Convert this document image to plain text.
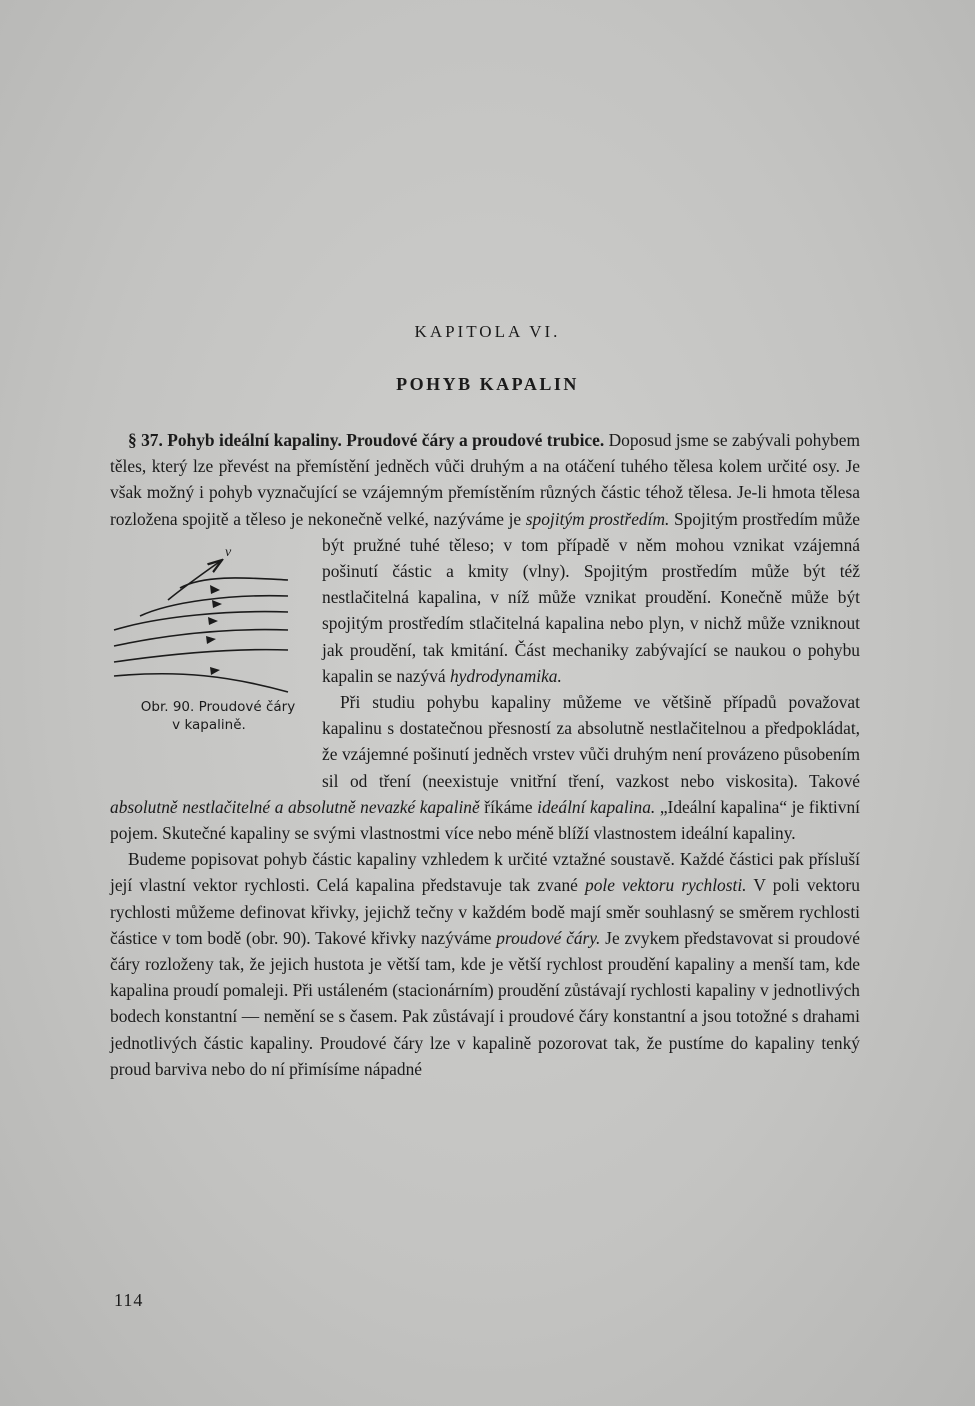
KAPITOLA VI.
POHYB KAPALIN

§ 37. Pohyb ideální kapaliny. Proudové čáry a proudové trubice. Doposud jsme se zabývali pohybem těles, který lze převést na přemístění jedněch vůči druhým a na otáčení tuhého tělesa kolem určité osy. Je však možný i pohyb vyznačující se vzájemným přemístěním různých částic téhož tělesa. Je-li hmota tělesa rozložena spojitě a těleso je nekonečně velké, nazýváme je spojitým prostředím.
v
Obr. 90. Proudové čáry
v kapalině.
Spojitým prostředím může být pružné tuhé těleso; v tom případě v něm mohou vznikat vzájemná pošinutí částic a kmity (vlny). Spojitým prostředím může být též nestlačitelná kapalina, v níž může vznikat proudění. Konečně může být spojitým prostředím stlačitelná kapalina nebo plyn, v nichž může vzniknout jak proudění, tak kmitání. Část mechaniky zabývající se naukou o pohybu kapalin se nazývá hydrodynamika.

Při studiu pohybu kapaliny můžeme ve většině případů považovat kapalinu s dostatečnou přesností za absolutně nestlačitelnou a předpokládat, že vzájemné pošinutí jedněch vrstev vůči druhým není provázeno působením sil od tření (neexistuje vnitřní tření, vazkost nebo viskosita). Takové absolutně nestlačitelné a absolutně nevazké kapalině říkáme ideální kapalina. „Ideální kapalina“ je fiktivní pojem. Skutečné kapaliny se svými vlastnostmi více nebo méně blíží vlastnostem ideální kapaliny.

Budeme popisovat pohyb částic kapaliny vzhledem k určité vztažné soustavě. Každé částici pak přísluší její vlastní vektor rychlosti. Celá kapalina představuje tak zvané pole vektoru rychlosti. V poli vektoru rychlosti můžeme definovat křivky, jejichž tečny v každém bodě mají směr souhlasný se směrem rychlosti částice v tom bodě (obr. 90). Takové křivky nazýváme proudové čáry. Je zvykem představovat si proudové čáry rozloženy tak, že jejich hustota je větší tam, kde je větší rychlost proudění kapaliny a menší tam, kde kapalina proudí pomaleji. Při ustáleném (stacionárním) proudění zůstávají rychlosti kapaliny v jednotlivých bodech konstantní — nemění se s časem. Pak zůstávají i proudové čáry konstantní a jsou totožné s drahami jednotlivých částic kapaliny. Proudové čáry lze v kapalině pozorovat tak, že pustíme do kapaliny tenký proud barviva nebo do ní přimísíme nápadné

114
